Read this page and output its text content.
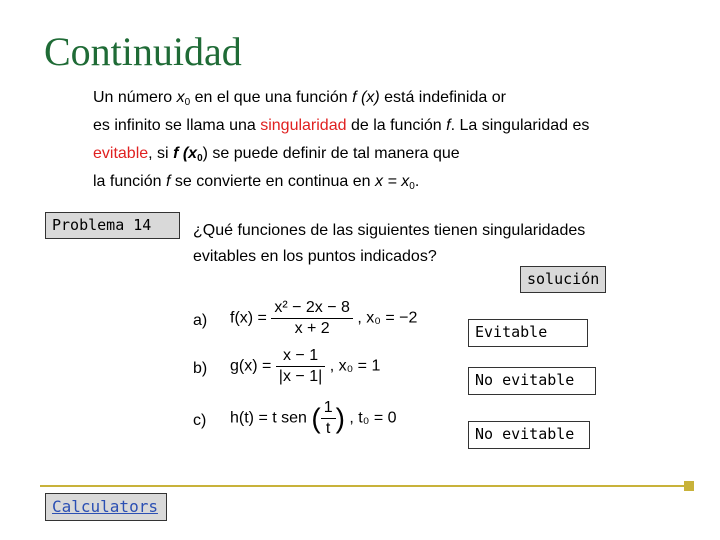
Continuidad
Un número $x_0$ en el que una función f (x) está indefinida or
es infinito se llama una singularidad de la función f. La singularidad es
evitable, si f $(x_0)$ se puede definir de tal manera que
la función f se convierte en continua en $x = x_0$.
Problema 14	¿Qué funciones de las siguientes tienen singularidades evitables en los puntos indicados?
solución
a) $f(x) = \frac{\text{x² − 2x − 8}}{x + 2}$ , x₀ = −2
Evitable
b) $g(x) = \frac{x - 1}{|x - 1|}$ , x₀ = 1
No evitable
c) h(t) = t sen ( $\frac{1}{t}$ ) , t₀ = 0
No evitable
Calculators
